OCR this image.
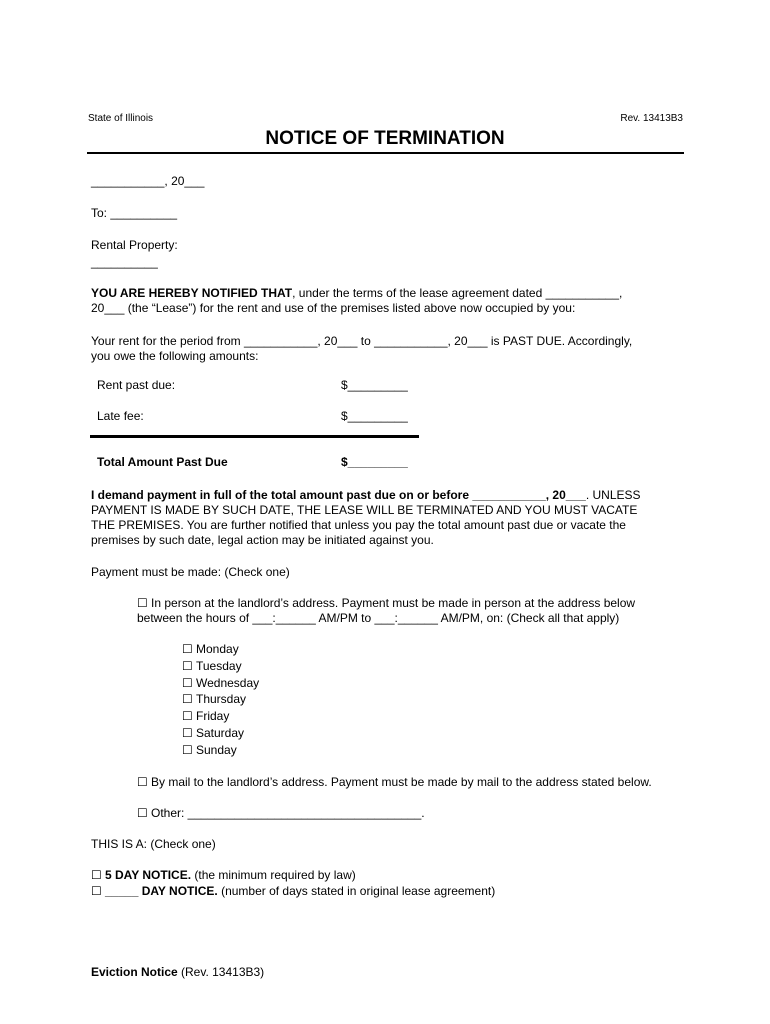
State of Illinois	Rev. 13413B3
NOTICE OF TERMINATION
___________, 20___
To: __________
Rental Property:
__________
YOU ARE HEREBY NOTIFIED THAT, under the terms of the lease agreement dated ___________,
20___ (the “Lease”) for the rent and use of the premises listed above now occupied by you:
Your rent for the period from ___________, 20___ to ___________, 20___ is PAST DUE. Accordingly,
you owe the following amounts:
Rent past due:	$_________
Late fee:	$_________
Total Amount Past Due	$_________
I demand payment in full of the total amount past due on or before ___________, 20___. UNLESS
PAYMENT IS MADE BY SUCH DATE, THE LEASE WILL BE TERMINATED AND YOU MUST VACATE
THE PREMISES. You are further notified that unless you pay the total amount past due or vacate the
premises by such date, legal action may be initiated against you.
Payment must be made: (Check one)
☐ In person at the landlord’s address. Payment must be made in person at the address below
between the hours of ___:______ AM/PM to ___:______ AM/PM, on: (Check all that apply)
☐ Monday
☐ Tuesday
☐ Wednesday
☐ Thursday
☐ Friday
☐ Saturday
☐ Sunday
☐ By mail to the landlord’s address. Payment must be made by mail to the address stated below.
☐ Other: ___________________________________.
THIS IS A: (Check one)
☐ 5 DAY NOTICE. (the minimum required by law)
☐ _____ DAY NOTICE. (number of days stated in original lease agreement)
Eviction Notice (Rev. 13413B3)
